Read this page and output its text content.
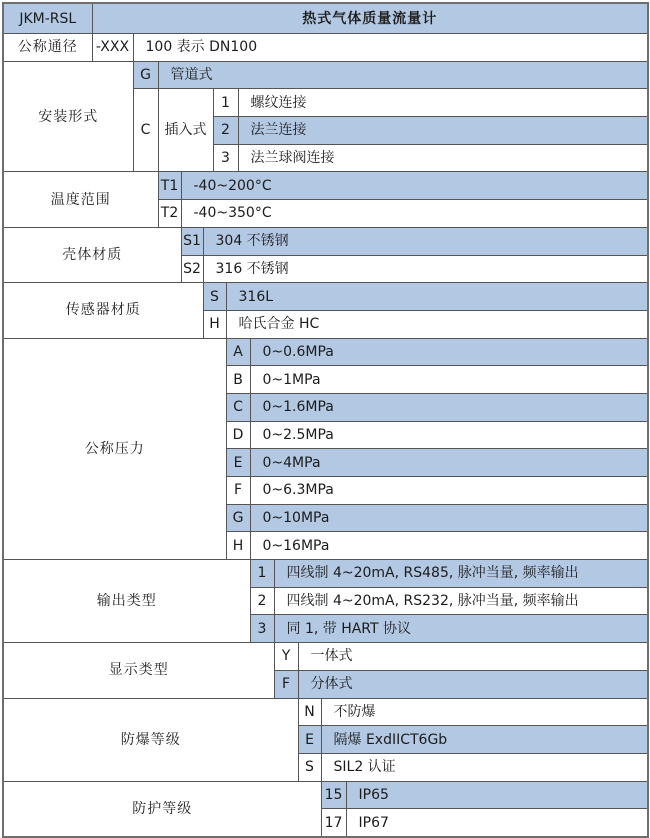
JKM-RSL	热式气体质量流量计												
公称通径	-XXX	100 表示 DN100											
安装形式		G	管道式										
		C	插入式			1		螺纹连接					
						2		法兰连接					
						3		法兰球阀连接					
温度范围			T1	-40~200°C									
			T2	-40~350°C									
壳体材质				S1	304 不锈钢								
				S2	316 不锈钢								
传感器材质					S		316L						
					H		哈氏合金 HC						
公称压力							A		0~0.6MPa				
							B		0~1MPa				
							C		0~1.6MPa				
							D		0~2.5MPa				
							E		0~4MPa				
							F		0~6.3MPa				
							G		0~10MPa				
							H		0~16MPa				
输出类型									1	四线制 4~20mA, RS485, 脉冲当量, 频率输出			
									2	四线制 4~20mA, RS232, 脉冲当量, 频率输出			
									3	同 1, 带 HART 协议			
显示类型										Y	一体式		
										F	分体式		
防爆等级											N	不防爆	
											E	隔爆 ExdIICT6Gb	
											S	SIL2 认证	
防护等级												15	IP65
												17	IP67
